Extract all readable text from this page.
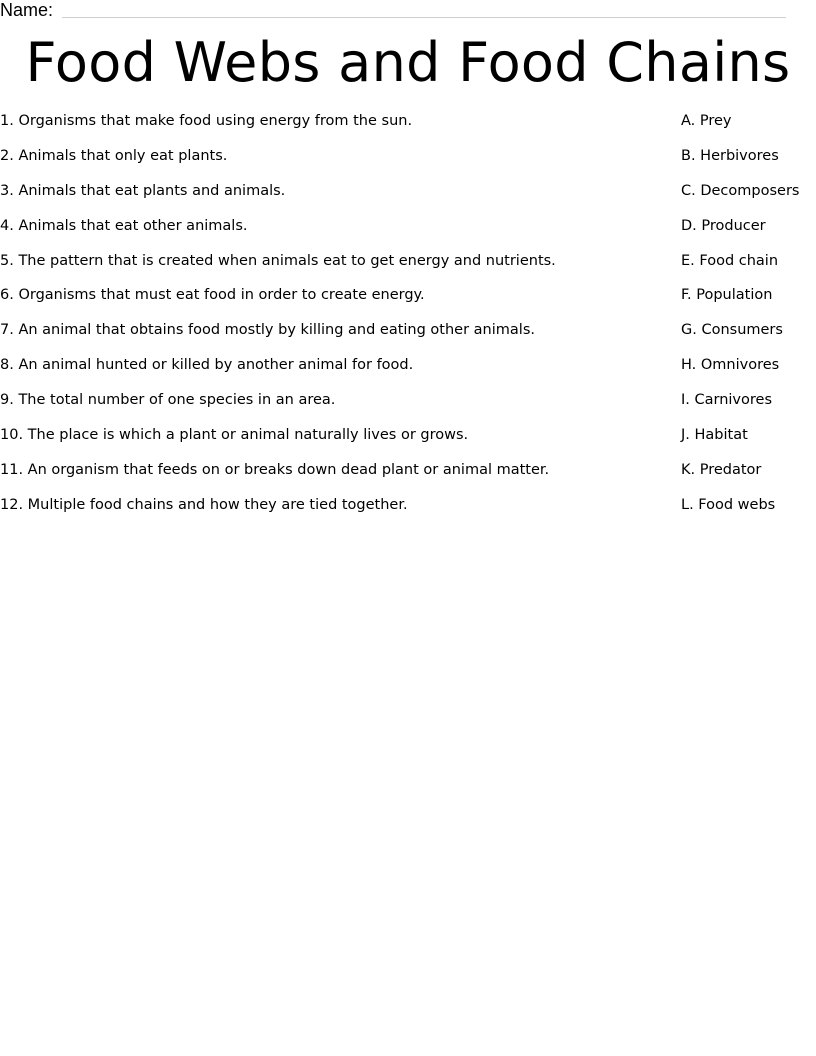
Name:
Food Webs and Food Chains
1. Organisms that make food using energy from the sun.	A. Prey
2. Animals that only eat plants.	B. Herbivores
3. Animals that eat plants and animals.	C. Decomposers
4. Animals that eat other animals.	D. Producer
5. The pattern that is created when animals eat to get energy and nutrients.	E. Food chain
6. Organisms that must eat food in order to create energy.	F. Population
7. An animal that obtains food mostly by killing and eating other animals.	G. Consumers
8. An animal hunted or killed by another animal for food.	H. Omnivores
9. The total number of one species in an area.	I. Carnivores
10. The place is which a plant or animal naturally lives or grows.	J. Habitat
11. An organism that feeds on or breaks down dead plant or animal matter.	K. Predator
12. Multiple food chains and how they are tied together.	L. Food webs
